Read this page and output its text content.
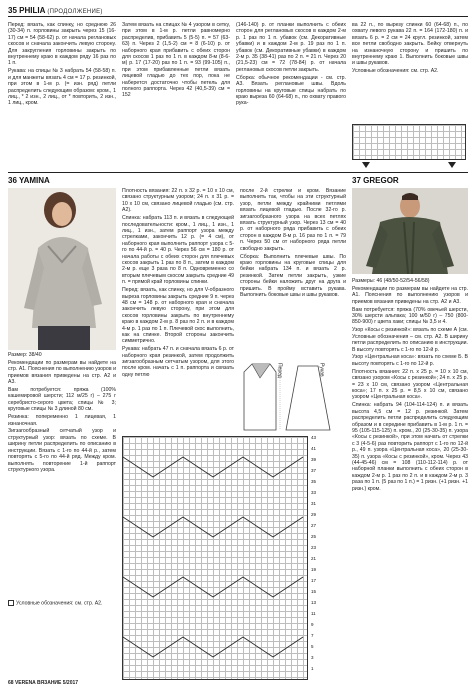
35 PHILIA (ПРОДОЛЖЕНИЕ)

Перед: вязать, как спинку, но среднюю 26 (30-34) п. горловины закрыть через 15 (16-17) см = 54 (58-62) р. от начала реглановых скосов и сначала закончить левую сторону. Для закругления горловины закрыть по внутреннему краю в каждом ряду 16 раз по 1 п.

Рукава: на спицы № 3 набрать 54 (58-58) п. и для манжеты вязать 4 см = 17 р. резинкой, при этом в 1-м р. (= изн. ряд) петли распределить следующим образом: кром., 1 лиц., * 2 изн., 2 лиц., от * повторить, 2 изн., 1 лиц., кром.

Затем вязать на спицах № 4 узором в сетку, при этом в 1-м р. петли равномерно распределив, прибавить 5 (5-5) п. = 57 (63-63) п. Через 2 (1,5-2) см = 8 (6-10) р. от наборного края прибавить с обеих сторон для скосов 1 раз по 1 п. в каждом 8-м (8-6-м) р. 17 (17-20) раз по 1 п. = 93 (99-105) п., при этом прибавленные петли вязать лицевой гладью до тех пор, пока не наберется достаточно чтобы петель для полного раппорта. Через 42 (40,5-39) см = 152

(146-140) р. от планки выполнить с обеих сторон для реглановых скосов в каждом 2-м р. 1 раз по 1 п. убавок (см. Декоративные убавки) и в каждом 2-м р. 19 раз по 1 п. убавок (см. Декоративные убавки) в каждом 2-м р. 35 (38-41) раз по 2 п. = 21 п. Через 20 (21,5-23) см = 72 (78-84) р. от начала реглановых скосов петли закрыть.

Сборка: обычное рекомендации - см. стр. А3. Вязать реглановые швы. Вдоль горловины на круговые спицы набрать по краю выреза 60 (64-68) п., по охвату правого рука-

ва 22 п., по вырезу спинки 60 (64-68) п., по охвату левого рукава 22 п. = 164 (172-180) п. и вязать 6 р. = 2 см = 24 кругл. резинкой, затем все петли свободно закрыть. Бейку отвернуть на изнаночную сторону и пришить по внутреннему краю 1. Выполнить боковые швы и швы рукавов.

Условные обозначения: см. стр. А2.

36 YAMINA	37 GREGOR

Размер: 38/40

Рекомендации по размерам вы найдете на стр. А1. Пояснения по выполнению узоров и приемов вязания приведены на стр. А2 и А3.

Вам потребуется: пряжа (100% кашемировой шерсти; 112 м/25 г) – 275 г серебристо-серого цвета; спицы № 3; круговые спицы № 3 длиной 80 см.

Резинка: попеременно 1 лицевая, 1 изнаночная.

Зигзагообразный сетчатый узор и структурный узор: вязать по схеме. В ширину петли распределить по описанию в инструкции. Вязать с 1-го по 44-й р., затем повторять с 5-го по 44-й ряд. Между кром. выполнять повторение 1-й раппорт структурного узора.

Плотность вязания: 22 п. x 32 р. = 10 x 10 см, связано структурным узором; 24 п. x 31 р. = 10 x 10 см, связано лицевой гладью (см. стр. А2).

Спинка: набрать 113 п. и вязать в следующей последовательности: кром., 1 лиц., 1 изн., 1 лиц., 1 изн., затем раппорт узора между стрелками, закончить 12 р. (= 4 см), от наборного края выполнить раппорт узора с 5-го по 44-й р. = 40 р. Через 56 см = 180 р. от начала работы с обеих сторон для плечевых скосов закрыть 1 раз по 8 п., затем в каждом 2-м р. еще 3 раза по 8 п. Одновременно со вторым плечевым скосом закрыть средние 49 п. = прямой край горловины спинки.

Перед: вязать, как спинку, но для V-образного выреза горловины закрыть средние 9 п. через 48 см = 148 р. от наборного края и сначала закончить левую сторону, при этом для скосов горловины закрыть по внутреннему краю в каждом 2-м р. 8 раз по 2 п. и в каждом 4-м р. 1 раз по 1 п. Плечевой скос выполнить, как на спинке. Второй стороны закончить симметрично.

Рукава: набрать 47 п. и сначала вязать 6 р. от наборного края резинкой, затем продолжить зигзагообразным сетчатым узором, для этого после кром. начать с 1 п. раппорта и связать одну петлю

после 2-й стрелки и кром. Вязание выполнить так, чтобы на эти структурный узор, петли между крайними петлями вязать лицевой гладью. После 32-го р. зигзагообразного узора на всех петлях вязать структурный узор. Через 13 см = 40 р. от наборного ряда прибавить с обеих сторон в каждом 8-м р. 16 раз по 1 п. = 79 п. Через 50 см от наборного ряда петли свободно закрыть.

Сборка: Выполнить плечевые швы. По краю горловины на круговые спицы для бейки набрать 134 п. и вязать 2 р. резинкой. Затем петли закрыть, узкие стороны бейки наложить друг на друга и пришить. В пройму вставить рукава. Выполнить боковые швы и швы рукавов.

Перед	Рукав

Размеры: 46 (48/50-52/54-56/58)

Рекомендации по размерам вы найдете на стр. А1. Пояснения по выполнению узоров и приемов вязания приведены на стр. А2 и А3.

Вам потребуется: пряжа (70% овечьей шерсти, 30% шерсти альпака; 100 м/50 г) – 750 (800-850-900) г цвета хаки; спицы № 3,5 и 4.

Узор «Косы с резинкой»: вязать по схеме А (см. Условные обозначения – см. стр. А2. В ширину петли распределить по описанию в инструкции. В высоту повторять с 1-го по 12-й р.

Узор «Центральная коса»: вязать по схеме Б. В высоту повторять с 1-го по 12-й р.

Плотность вязания: 22 п. x 25 р. = 10 x 10 см, связано узором «Косы с резинкой»; 24 п. x 25 р. = 23 x 10 см, связано узором «Центральная коса»; 17 п. x 25 р. = 8,5 x 10 см, связано узором «Центральная коса».

Спинка: набрать 94 (104-114-124) п. и вязать высота 4,5 см = 12 р. резинкой. Затем распределить петли распределить следующим образом и в середине прибавить в 1-м р. 1 п. = 95 (105-115-125) п. кром., 20 (25-30-35) п. узора «Косы с резинкой», при этом начать от стрелки с 3 (4-5-6) раз повторить раппорт с 1-го по 12-й р., 49 п. узора «Центральная коса», 20 (25-30-35) п. узора «Косы с резинкой», кром. Через 43 (44-45-46) см = 108 (110-112-114) р. от наборной планки выполнить с обеих сторон в каждом 2-м р. 1 раз по 2 п. и в каждом 2-м р. 3 раза по 1 п. (5 раз по 1 п.) = 1 ризн. (+1 ризн. +1 ризн.) кром.

43
41
39
37
35
33
31
29
27
25
23
21
19
17
15
13
11
9
7
5
3
1
Условные обозначения: см. стр. А2.
68 VERENA ВЯЗАНИЕ 5/2017
